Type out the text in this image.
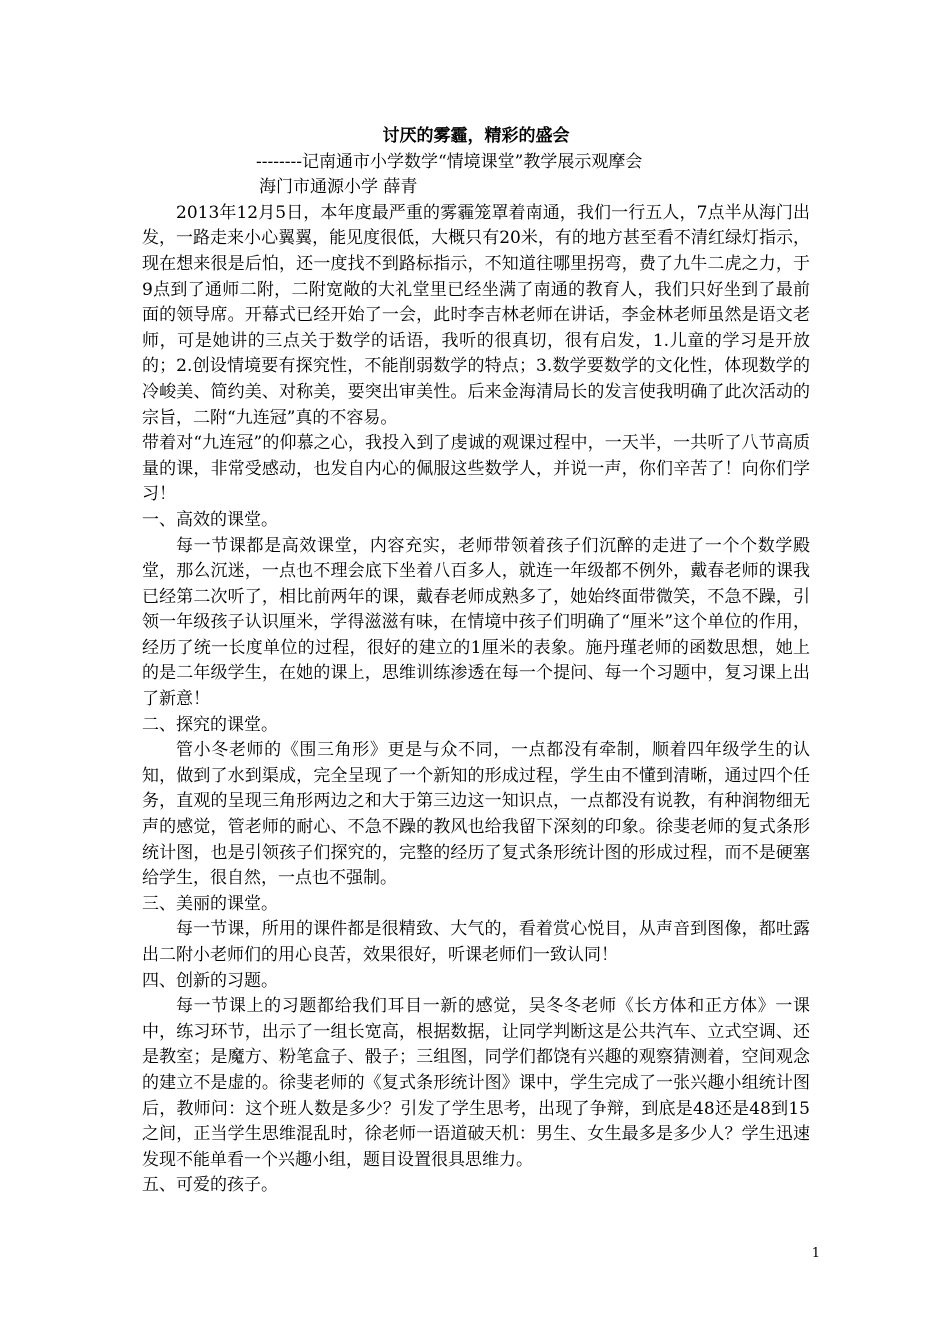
讨厌的雾霾，精彩的盛会

--------记南通市小学数学“情境课堂”教学展示观摩会

海门市通源小学 薛青

2013年12月5日，本年度最严重的雾霾笼罩着南通，我们一行五人，7点半从海门出发，一路走来小心翼翼，能见度很低，大概只有20米，有的地方甚至看不清红绿灯指示，现在想来很是后怕，还一度找不到路标指示，不知道往哪里拐弯，费了九牛二虎之力，于9点到了通师二附，二附宽敞的大礼堂里已经坐满了南通的教育人，我们只好坐到了最前面的领导席。开幕式已经开始了一会，此时李吉林老师在讲话，李金林老师虽然是语文老师，可是她讲的三点关于数学的话语，我听的很真切，很有启发，1.儿童的学习是开放的；2.创设情境要有探究性，不能削弱数学的特点；3.数学要数学的文化性，体现数学的冷峻美、简约美、对称美，要突出审美性。后来金海清局长的发言使我明确了此次活动的宗旨，二附“九连冠”真的不容易。

带着对“九连冠”的仰慕之心，我投入到了虔诚的观课过程中，一天半，一共听了八节高质量的课，非常受感动，也发自内心的佩服这些数学人，并说一声，你们辛苦了！向你们学习！

一、高效的课堂。

每一节课都是高效课堂，内容充实，老师带领着孩子们沉醉的走进了一个个数学殿堂，那么沉迷，一点也不理会底下坐着八百多人，就连一年级都不例外，戴春老师的课我已经第二次听了，相比前两年的课，戴春老师成熟多了，她始终面带微笑，不急不躁，引领一年级孩子认识厘米，学得滋滋有味，在情境中孩子们明确了“厘米”这个单位的作用，经历了统一长度单位的过程，很好的建立的1厘米的表象。施丹瑾老师的函数思想，她上的是二年级学生，在她的课上，思维训练渗透在每一个提问、每一个习题中，复习课上出了新意！

二、探究的课堂。

管小冬老师的《围三角形》更是与众不同，一点都没有牵制，顺着四年级学生的认知，做到了水到渠成，完全呈现了一个新知的形成过程，学生由不懂到清晰，通过四个任务，直观的呈现三角形两边之和大于第三边这一知识点，一点都没有说教，有种润物细无声的感觉，管老师的耐心、不急不躁的教风也给我留下深刻的印象。徐斐老师的复式条形统计图，也是引领孩子们探究的，完整的经历了复式条形统计图的形成过程，而不是硬塞给学生，很自然，一点也不强制。

三、美丽的课堂。

每一节课，所用的课件都是很精致、大气的，看着赏心悦目，从声音到图像，都吐露出二附小老师们的用心良苦，效果很好，听课老师们一致认同！

四、创新的习题。

每一节课上的习题都给我们耳目一新的感觉，吴冬冬老师《长方体和正方体》一课中，练习环节，出示了一组长宽高，根据数据，让同学判断这是公共汽车、立式空调、还是教室；是魔方、粉笔盒子、骰子；三组图，同学们都饶有兴趣的观察猜测着，空间观念的建立不是虚的。徐斐老师的《复式条形统计图》课中，学生完成了一张兴趣小组统计图后，教师问：这个班人数是多少？引发了学生思考，出现了争辩，到底是48还是48到15之间，正当学生思维混乱时，徐老师一语道破天机：男生、女生最多是多少人？学生迅速发现不能单看一个兴趣小组，题目设置很具思维力。

五、可爱的孩子。

1
